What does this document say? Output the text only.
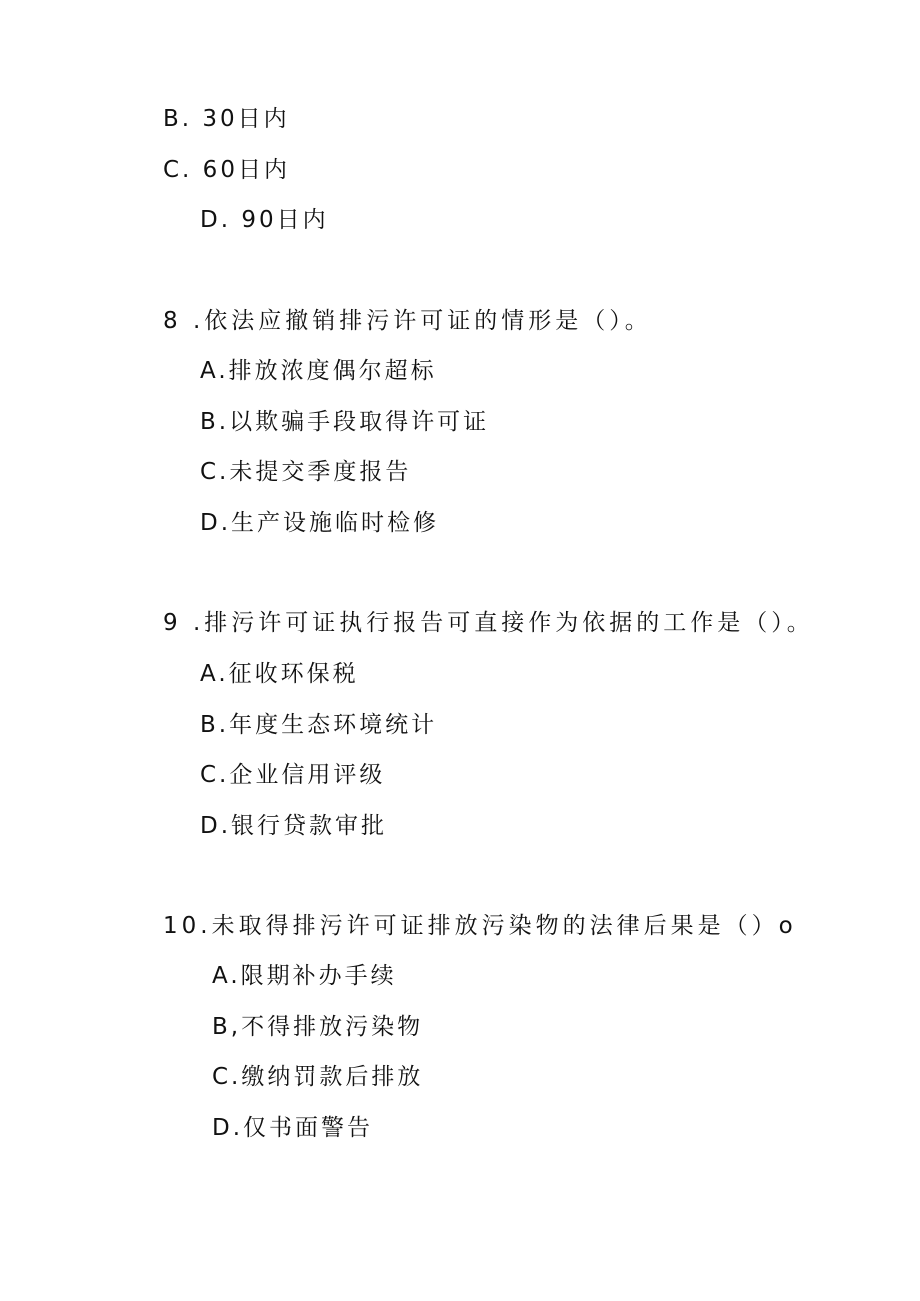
B. 30日内
C. 60日内
D. 90日内
8 .依法应撤销排污许可证的情形是（）。
A.排放浓度偶尔超标
B.以欺骗手段取得许可证
C.未提交季度报告
D.生产设施临时检修
9 .排污许可证执行报告可直接作为依据的工作是（）。
A.征收环保税
B.年度生态环境统计
C.企业信用评级
D.银行贷款审批
10.未取得排污许可证排放污染物的法律后果是（）o
A.限期补办手续
B,不得排放污染物
C.缴纳罚款后排放
D.仅书面警告
